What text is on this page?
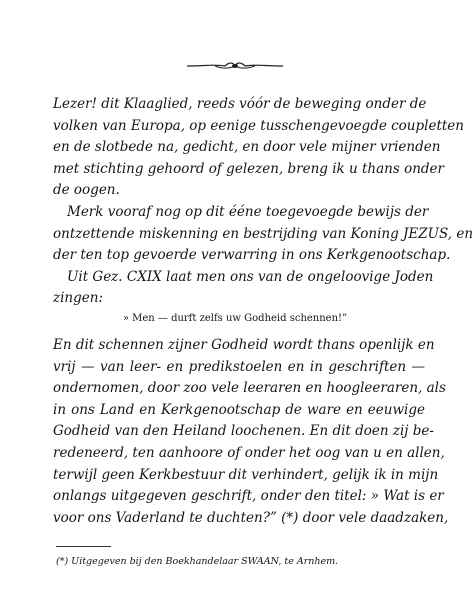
Lezer! dit Klaaglied, reeds vóór de beweging onder de
volken van Europa, op eenige tusschengevoegde coupletten
en de slotbede na, gedicht, en door vele mijner vrienden
met stichting gehoord of gelezen, breng ik u thans onder
de oogen.
Merk vooraf nog op dit ééne toegevoegde bewijs der
ontzettende miskenning en bestrijding van Koning JEZUS, en
der ten top gevoerde verwarring in ons Kerkgenootschap.
Uit Gez. CXIX laat men ons van de ongeloovige Joden
zingen:
» Men — durft zelfs uw Godheid schennen!”
En dit schennen zijner Godheid wordt thans openlijk en
vrij — van leer- en predikstoelen en in geschriften —
ondernomen, door zoo vele leeraren en hoogleeraren, als
in ons Land en Kerkgenootschap de ware en eeuwige
Godheid van den Heiland loochenen. En dit doen zij be-
redeneerd, ten aanhoore of onder het oog van u en allen,
terwijl geen Kerkbestuur dit verhindert, gelijk ik in mijn
onlangs uitgegeven geschrift, onder den titel: » Wat is er
voor ons Vaderland te duchten?” (*) door vele daadzaken,
(*) Uitgegeven bij den Boekhandelaar SWAAN, te Arnhem.
